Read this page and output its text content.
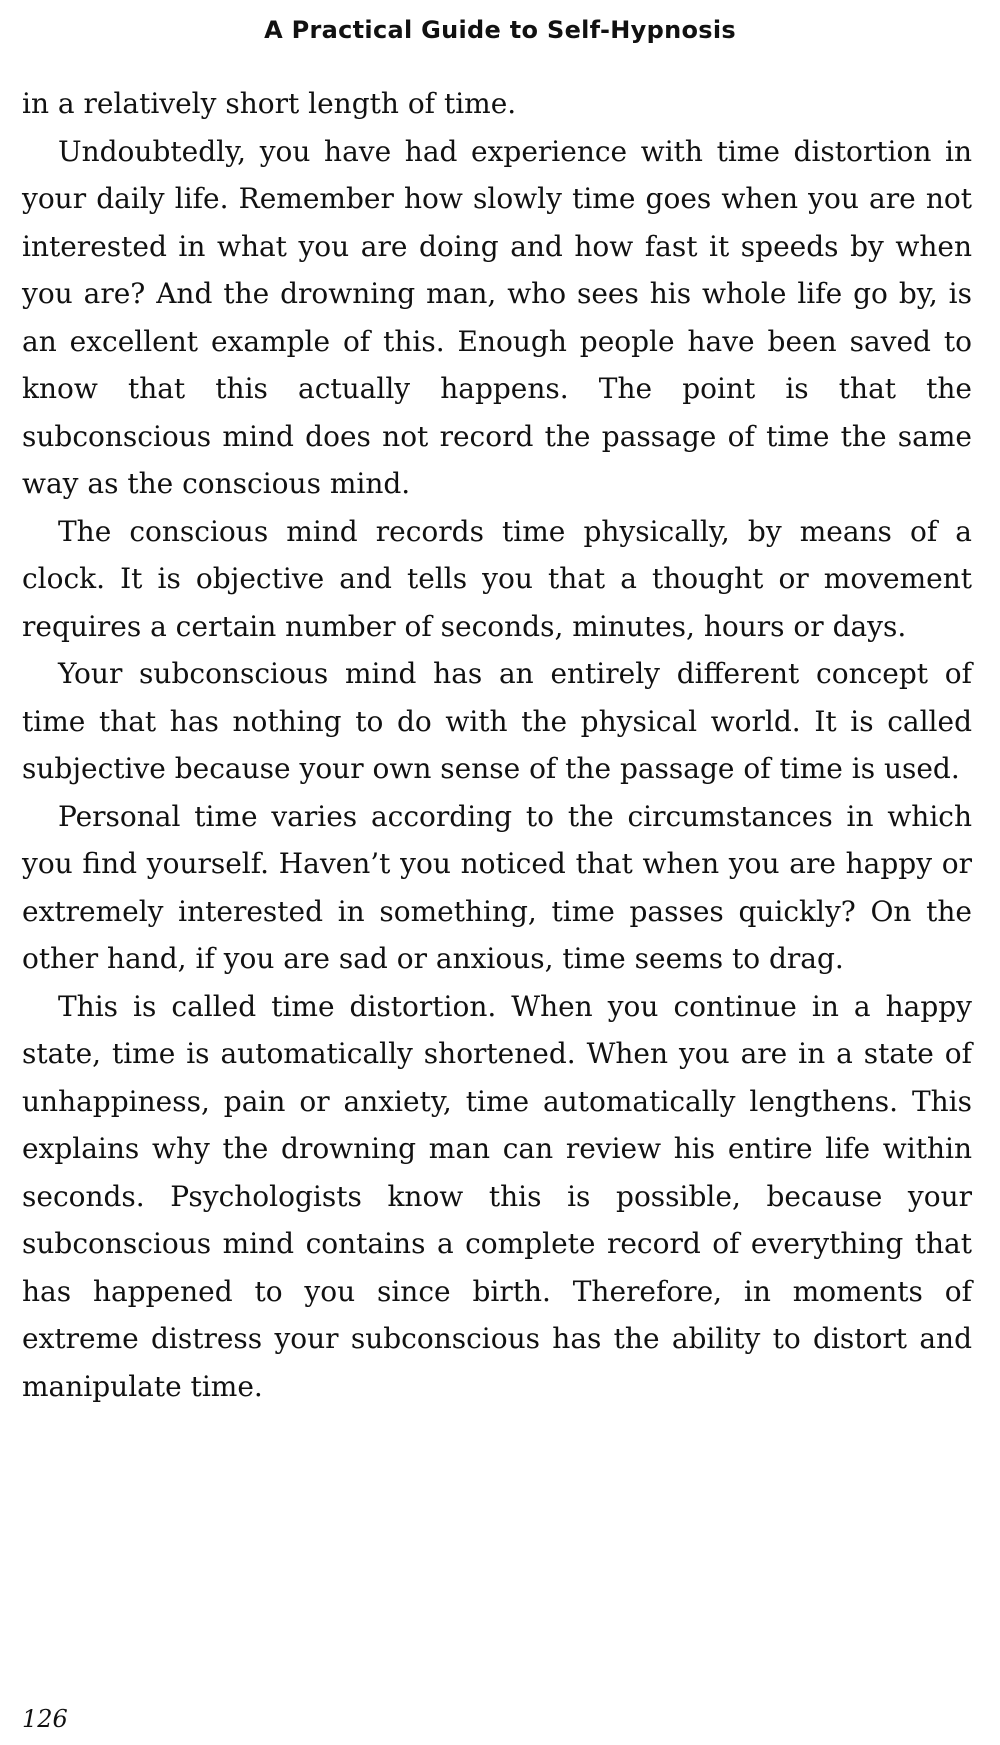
A Practical Guide to Self-Hypnosis

in a relatively short length of time.

Undoubtedly, you have had experience with time distortion in your daily life. Remember how slowly time goes when you are not interested in what you are doing and how fast it speeds by when you are? And the drowning man, who sees his whole life go by, is an excellent example of this. Enough people have been saved to know that this actually happens. The point is that the subconscious mind does not record the passage of time the same way as the conscious mind.

The conscious mind records time physically, by means of a clock. It is objective and tells you that a thought or movement requires a certain number of seconds, minutes, hours or days.

Your subconscious mind has an entirely different concept of time that has nothing to do with the physical world. It is called subjective because your own sense of the passage of time is used.

Personal time varies according to the circumstances in which you find yourself. Haven’t you noticed that when you are happy or extremely interested in something, time passes quickly? On the other hand, if you are sad or anxious, time seems to drag.

This is called time distortion. When you continue in a happy state, time is automatically shortened. When you are in a state of unhappiness, pain or anxiety, time automatically lengthens. This explains why the drowning man can review his entire life within seconds. Psychologists know this is possible, because your subconscious mind contains a complete record of everything that has happened to you since birth. Therefore, in moments of extreme distress your subconscious has the ability to distort and manipulate time.

126
